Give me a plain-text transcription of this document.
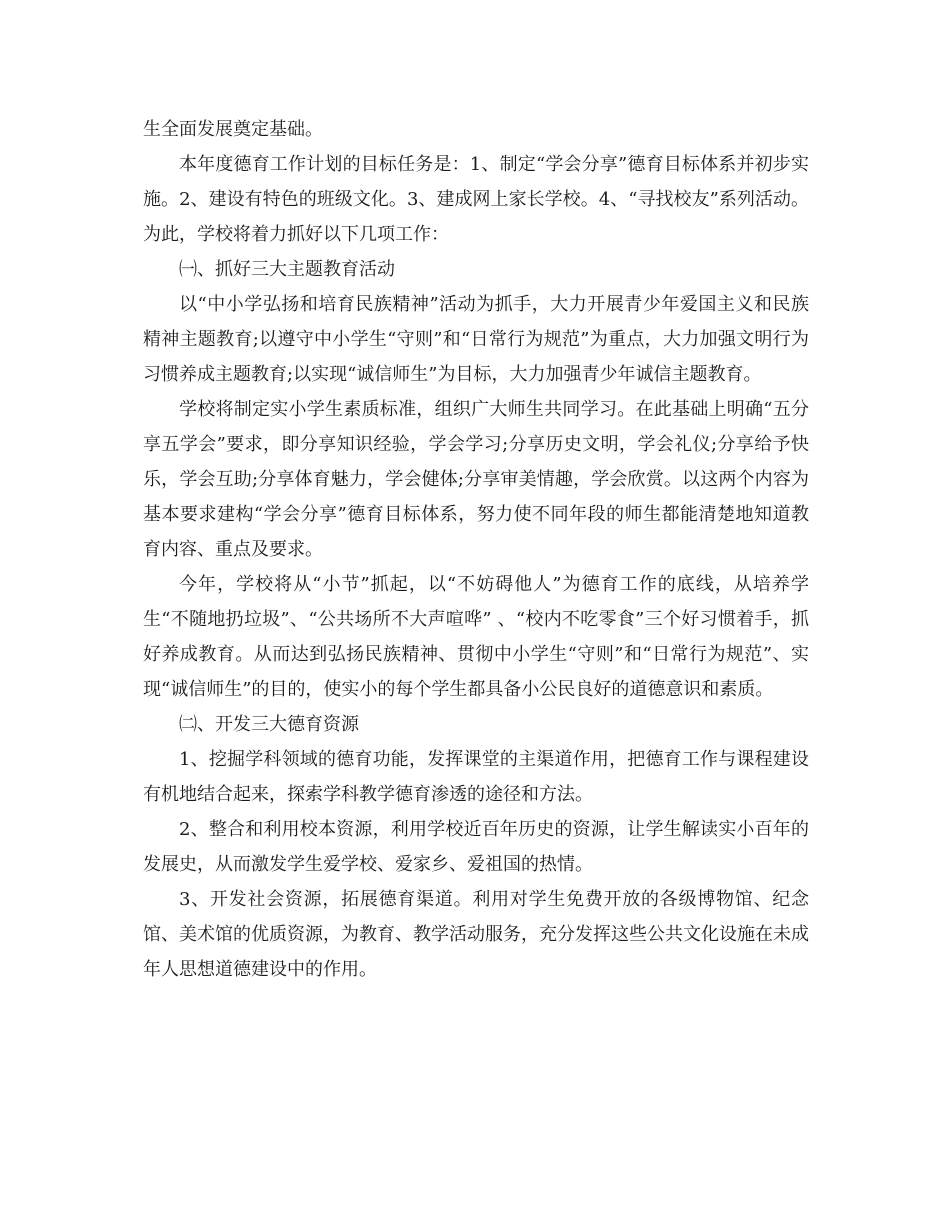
生全面发展奠定基础。

本年度德育工作计划的目标任务是：1、制定“学会分享”德育目标体系并初步实施。2、建设有特色的班级文化。3、建成网上家长学校。4、“寻找校友”系列活动。为此，学校将着力抓好以下几项工作：

㈠、抓好三大主题教育活动

以“中小学弘扬和培育民族精神”活动为抓手，大力开展青少年爱国主义和民族精神主题教育;以遵守中小学生“守则”和“日常行为规范”为重点，大力加强文明行为习惯养成主题教育;以实现“诚信师生”为目标，大力加强青少年诚信主题教育。

学校将制定实小学生素质标准，组织广大师生共同学习。在此基础上明确“五分享五学会”要求，即分享知识经验，学会学习;分享历史文明，学会礼仪;分享给予快乐，学会互助;分享体育魅力，学会健体;分享审美情趣，学会欣赏。以这两个内容为基本要求建构“学会分享”德育目标体系，努力使不同年段的师生都能清楚地知道教育内容、重点及要求。

今年，学校将从“小节”抓起，以“不妨碍他人”为德育工作的底线，从培养学生“不随地扔垃圾”、“公共场所不大声喧哗” 、“校内不吃零食”三个好习惯着手，抓好养成教育。从而达到弘扬民族精神、贯彻中小学生“守则”和“日常行为规范”、实现“诚信师生”的目的，使实小的每个学生都具备小公民良好的道德意识和素质。

㈡、开发三大德育资源

1、挖掘学科领域的德育功能，发挥课堂的主渠道作用，把德育工作与课程建设有机地结合起来，探索学科教学德育渗透的途径和方法。

2、整合和利用校本资源，利用学校近百年历史的资源，让学生解读实小百年的发展史，从而激发学生爱学校、爱家乡、爱祖国的热情。

3、开发社会资源，拓展德育渠道。利用对学生免费开放的各级博物馆、纪念馆、美术馆的优质资源，为教育、教学活动服务，充分发挥这些公共文化设施在未成年人思想道德建设中的作用。
